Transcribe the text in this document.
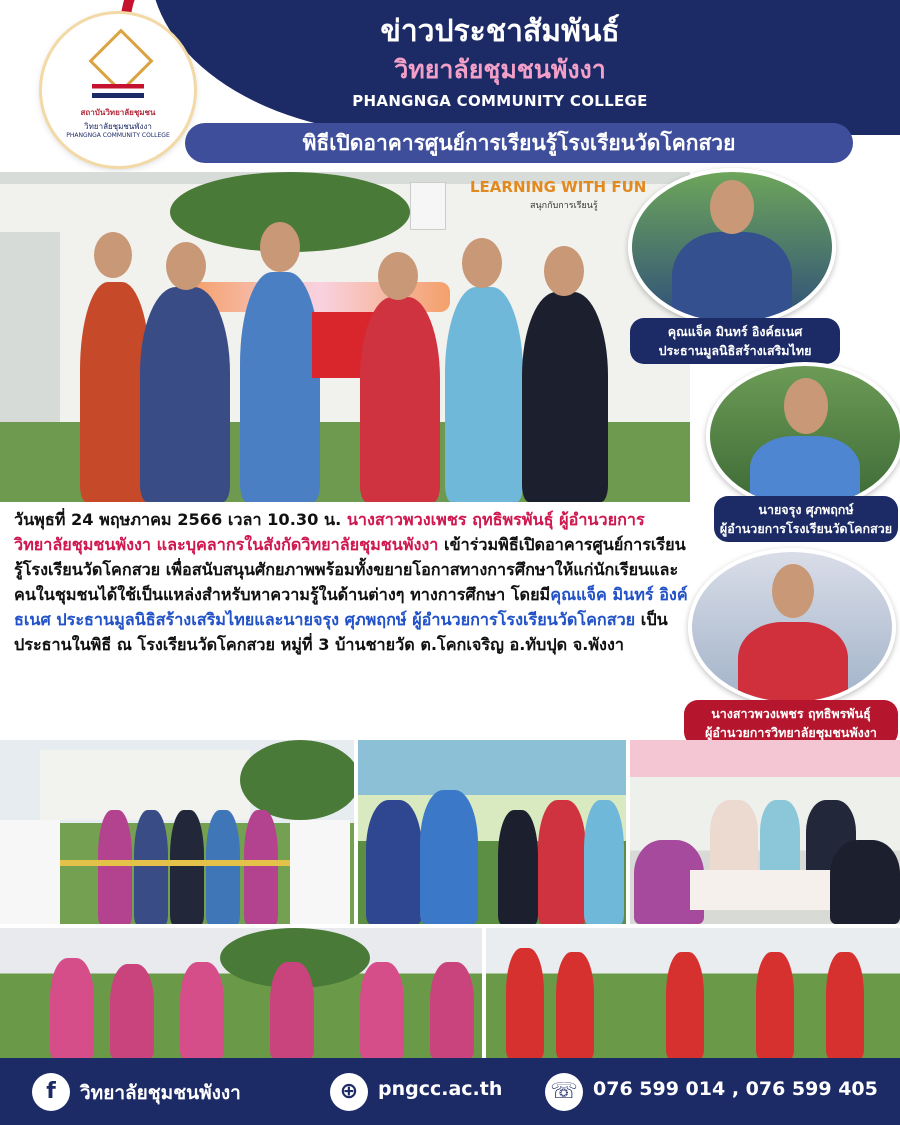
ข่าวประชาสัมพันธ์
วิทยาลัยชุมชนพังงา
PHANGNGA COMMUNITY COLLEGE
สถาบันวิทยาลัยชุมชน
วิทยาลัยชุมชนพังงา
PHANGNGA COMMUNITY COLLEGE	พิธีเปิดอาคารศูนย์การเรียนรู้โรงเรียนวัดโคกสวย
LEARNING WITH FUN
สนุกกับการเรียนรู้
คุณแจ็ค มินทร์ อิงค์ธเนศ
ประธานมูลนิธิสร้างเสริมไทย
นายจรุง ศุภพฤกษ์
ผู้อำนวยการโรงเรียนวัดโคกสวย
นางสาวพวงเพชร ฤทธิพรพันธุ์
ผู้อำนวยการวิทยาลัยชุมชนพังงา
วันพุธที่ 24 พฤษภาคม 2566 เวลา 10.30 น. นางสาวพวงเพชร ฤทธิพรพันธุ์ ผู้อำนวยการวิทยาลัยชุมชนพังงา และบุคลากรในสังกัดวิทยาลัยชุมชนพังงา เข้าร่วมพิธีเปิดอาคารศูนย์การเรียนรู้โรงเรียนวัดโคกสวย เพื่อสนับสนุนศักยภาพพร้อมทั้งขยายโอกาสทางการศึกษาให้แก่นักเรียนและคนในชุมชนได้ใช้เป็นแหล่งสำหรับหาความรู้ในด้านต่างๆ ทางการศึกษา โดยมีคุณแจ็ค มินทร์ อิงค์ธเนศ ประธานมูลนิธิสร้างเสริมไทยและนายจรุง ศุภพฤกษ์ ผู้อำนวยการโรงเรียนวัดโคกสวย เป็นประธานในพิธี ณ โรงเรียนวัดโคกสวย หมู่ที่ 3 บ้านชายวัด ต.โคกเจริญ อ.ทับปุด จ.พังงา
f	วิทยาลัยชุมชนพังงา	⊕	pngcc.ac.th ☏ 076 599 014 , 076 599 405
